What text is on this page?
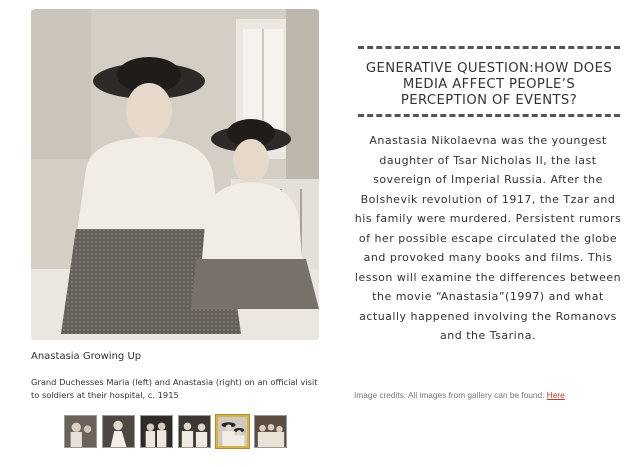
Anastasia Growing Up
Grand Duchesses Maria (left) and Anastasia (right) on an official visit to soldiers at their hospital, c. 1915
GENERATIVE QUESTION:HOW DOES MEDIA AFFECT PEOPLE’S PERCEPTION OF EVENTS?
Anastasia Nikolaevna was the youngest daughter of Tsar Nicholas II, the last sovereign of Imperial Russia. After the Bolshevik revolution of 1917, the Tzar and his family were murdered. Persistent rumors of her possible escape circulated the globe and provoked many books and films. This lesson will examine the differences between the movie “Anastasia”(1997) and what actually happened involving the Romanovs and the Tsarina.
Image credits: All images from gallery can be found: Here
